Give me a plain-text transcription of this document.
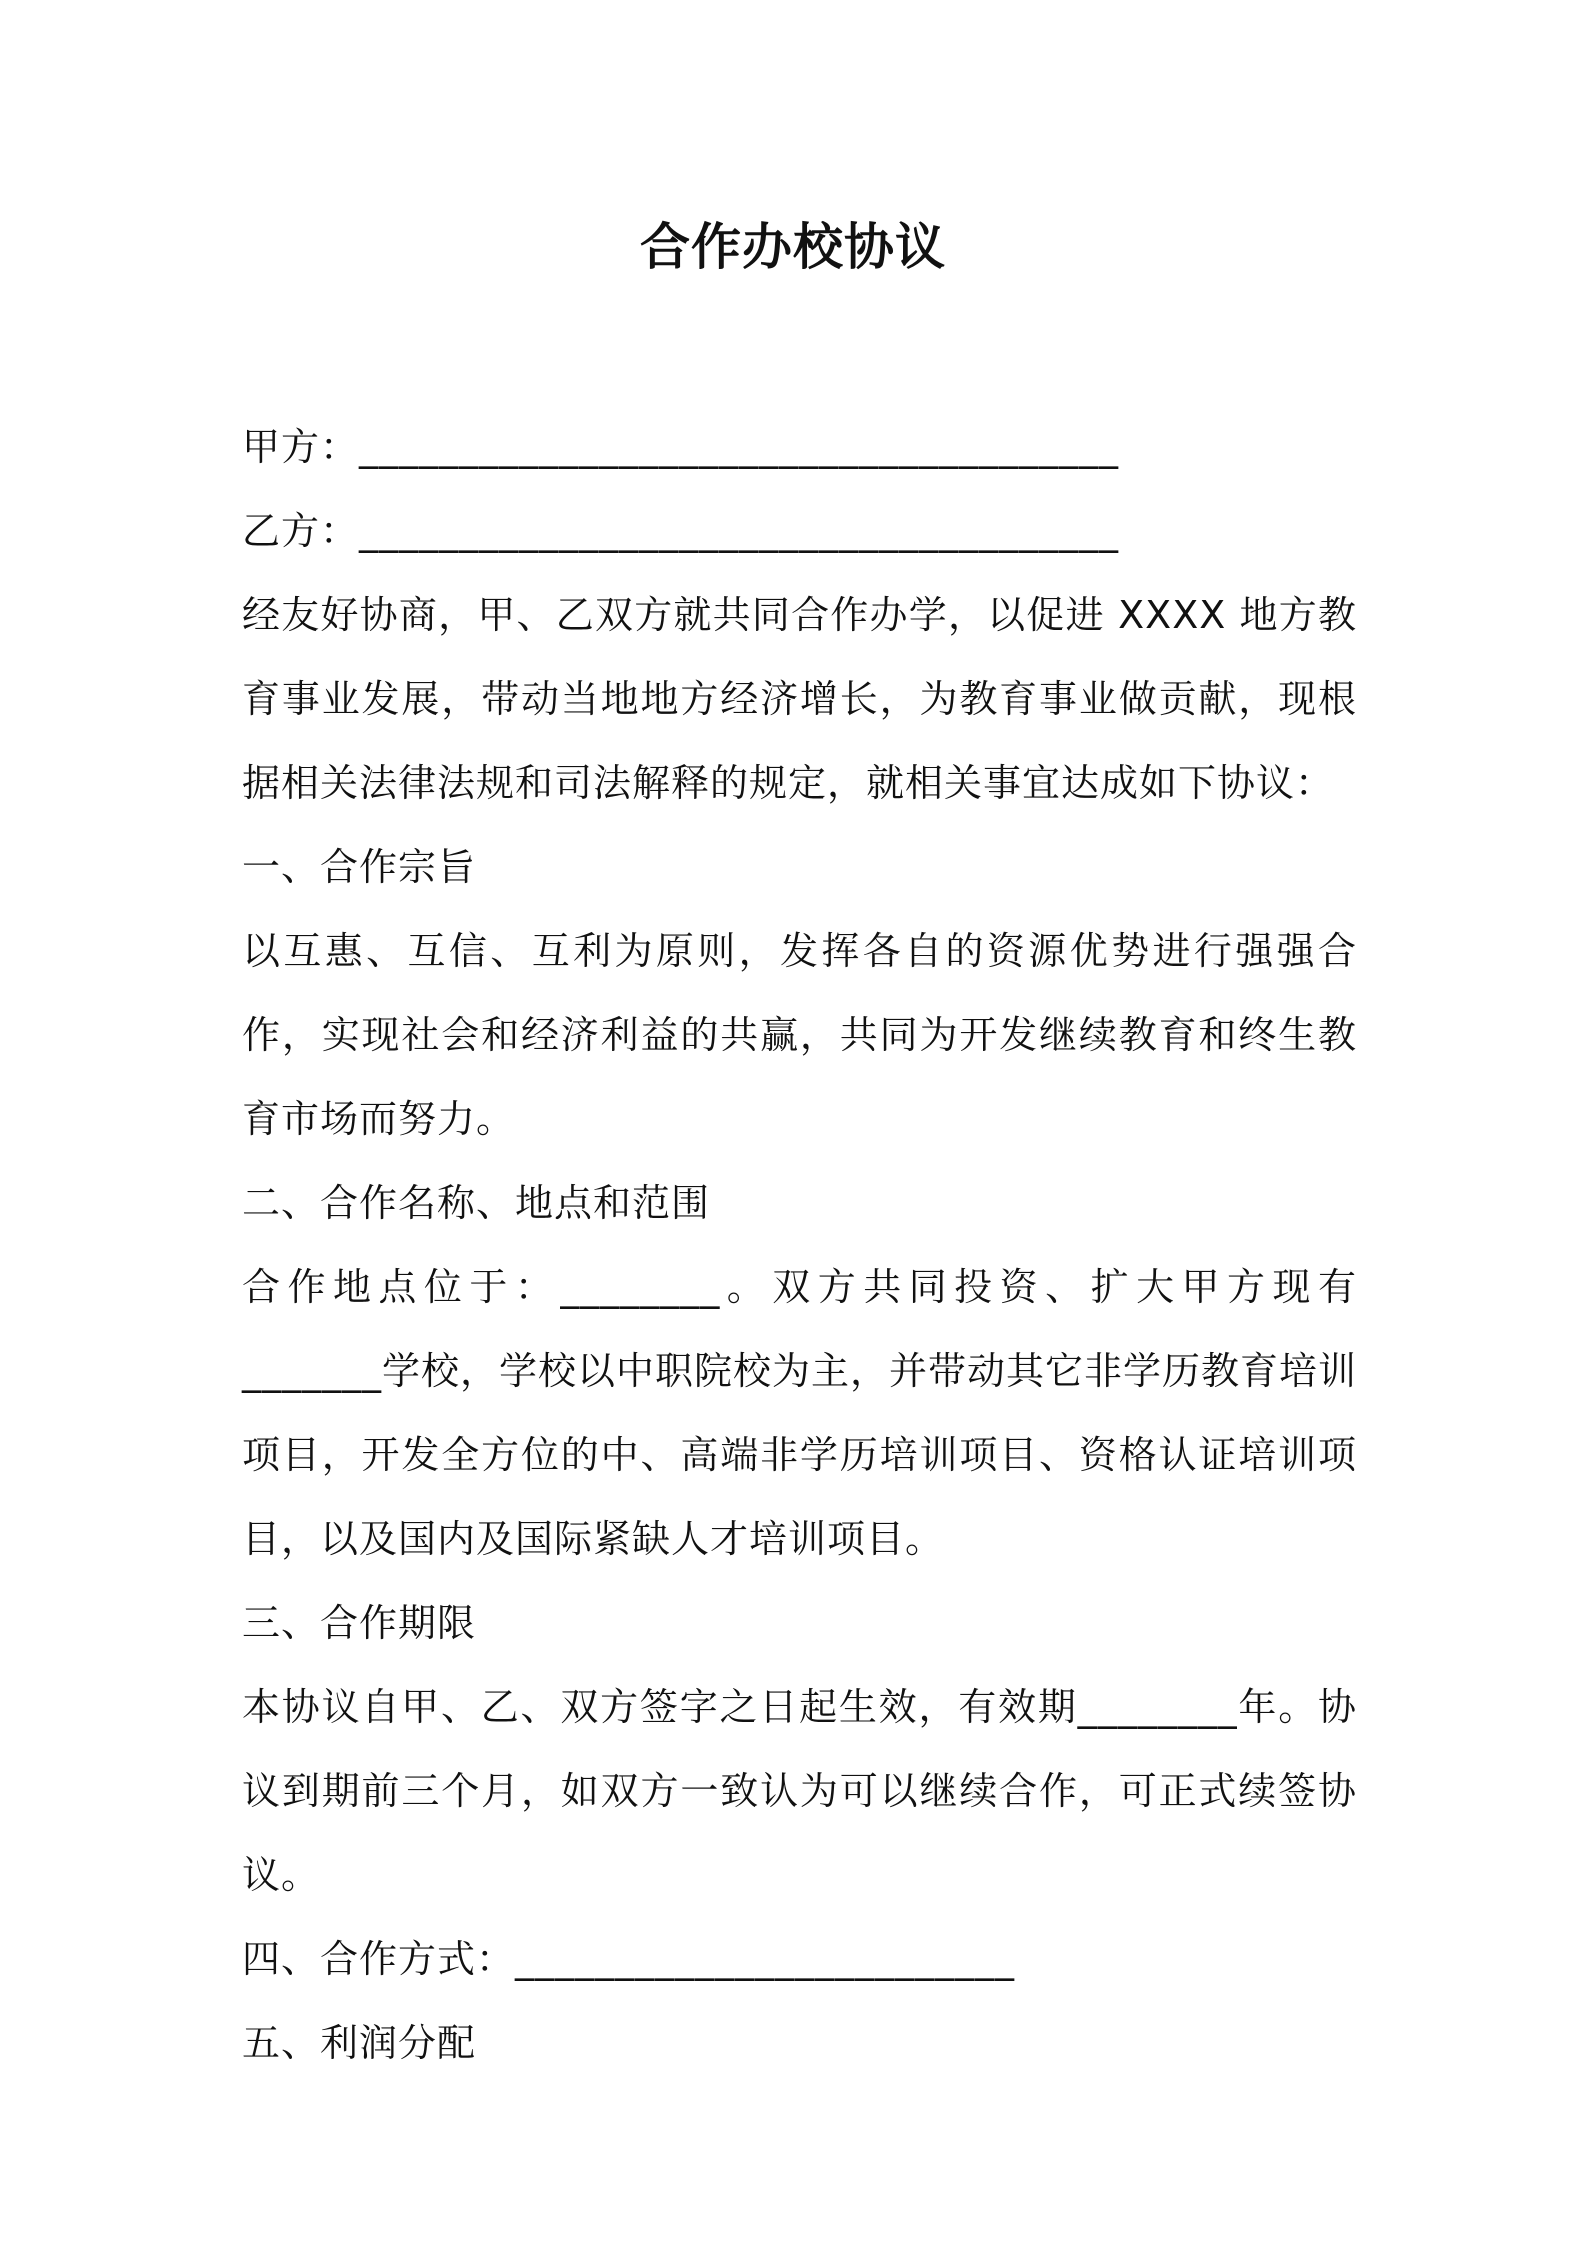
合作办校协议
甲方：______________________________________
乙方：______________________________________
经友好协商，甲、乙双方就共同合作办学，以促进 XXXX 地方教育事业发展，带动当地地方经济增长，为教育事业做贡献，现根据相关法律法规和司法解释的规定，就相关事宜达成如下协议：
一、合作宗旨
以互惠、互信、互利为原则，发挥各自的资源优势进行强强合作，实现社会和经济利益的共赢，共同为开发继续教育和终生教育市场而努力。
二、合作名称、地点和范围
合作地点位于：________。双方共同投资、扩大甲方现有_______学校，学校以中职院校为主，并带动其它非学历教育培训项目，开发全方位的中、高端非学历培训项目、资格认证培训项目，以及国内及国际紧缺人才培训项目。
三、合作期限
本协议自甲、乙、双方签字之日起生效，有效期________年。协议到期前三个月，如双方一致认为可以继续合作，可正式续签协议。
四、合作方式：_________________________
五、利润分配
